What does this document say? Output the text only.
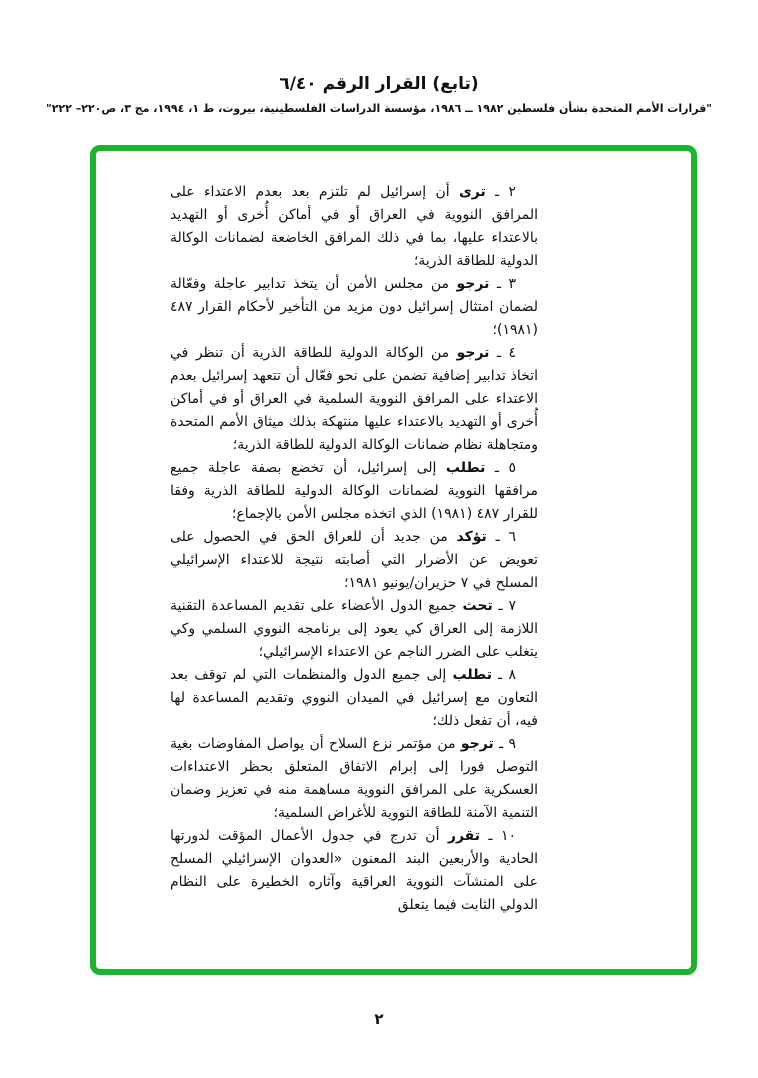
(تابع) القرار الرقم ٦/٤٠
"قرارات الأمم المتحدة بشأن فلسطين ١٩٨٢ ــ ١٩٨٦، مؤسسة الدراسات الفلسطينية، بيروت، ط ١، ١٩٩٤، مج ٣، ص٢٢٠– ٢٢٢"

٢ ـ ترى أن إسرائيل لم تلتزم بعد بعدم الاعتداء على المرافق النووية في العراق أو في أماكن أُخرى أو التهديد بالاعتداء عليها، بما في ذلك المرافق الخاضعة لضمانات الوكالة الدولية للطاقة الذرية؛

٣ ـ ترجو من مجلس الأمن أن يتخذ تدابير عاجلة وفعّالة لضمان امتثال إسرائيل دون مزيد من التأخير لأحكام القرار ٤٨٧ (١٩٨١)؛

٤ ـ ترجو من الوكالة الدولية للطاقة الذرية أن تنظر في اتخاذ تدابير إضافية تضمن على نحو فعّال أن تتعهد إسرائيل بعدم الاعتداء على المرافق النووية السلمية في العراق أو في أماكن أُخرى أو التهديد بالاعتداء عليها منتهكة بذلك ميثاق الأمم المتحدة ومتجاهلة نظام ضمانات الوكالة الدولية للطاقة الذرية؛

٥ ـ تطلب إلى إسرائيل، أن تخضع بصفة عاجلة جميع مرافقها النووية لضمانات الوكالة الدولية للطاقة الذرية وفقا للقرار ٤٨٧ (١٩٨١) الذي اتخذه مجلس الأمن بالإجماع؛

٦ ـ تؤكد من جديد أن للعراق الحق في الحصول على تعويض عن الأضرار التي أصابته نتيجة للاعتداء الإسرائيلي المسلح في ٧ حزيران/يونيو ١٩٨١؛

٧ ـ تحث جميع الدول الأعضاء على تقديم المساعدة التقنية اللازمة إلى العراق كي يعود إلى برنامجه النووي السلمي وكي يتغلب على الضرر الناجم عن الاعتداء الإسرائيلي؛

٨ ـ تطلب إلى جميع الدول والمنظمات التي لم توقف بعد التعاون مع إسرائيل في الميدان النووي وتقديم المساعدة لها فيه، أن تفعل ذلك؛

٩ ـ ترجو من مؤتمر نزع السلاح أن يواصل المفاوضات بغية التوصل فورا إلى إبرام الاتفاق المتعلق بحظر الاعتداءات العسكرية على المرافق النووية مساهمة منه في تعزيز وضمان التنمية الآمنة للطاقة النووية للأغراض السلمية؛

١٠ ـ تقرر أن تدرج في جدول الأعمال المؤقت لدورتها الحادية والأربعين البند المعنون «العدوان الإسرائيلي المسلح على المنشآت النووية العراقية وآثاره الخطيرة على النظام الدولي الثابت فيما يتعلق

٢
